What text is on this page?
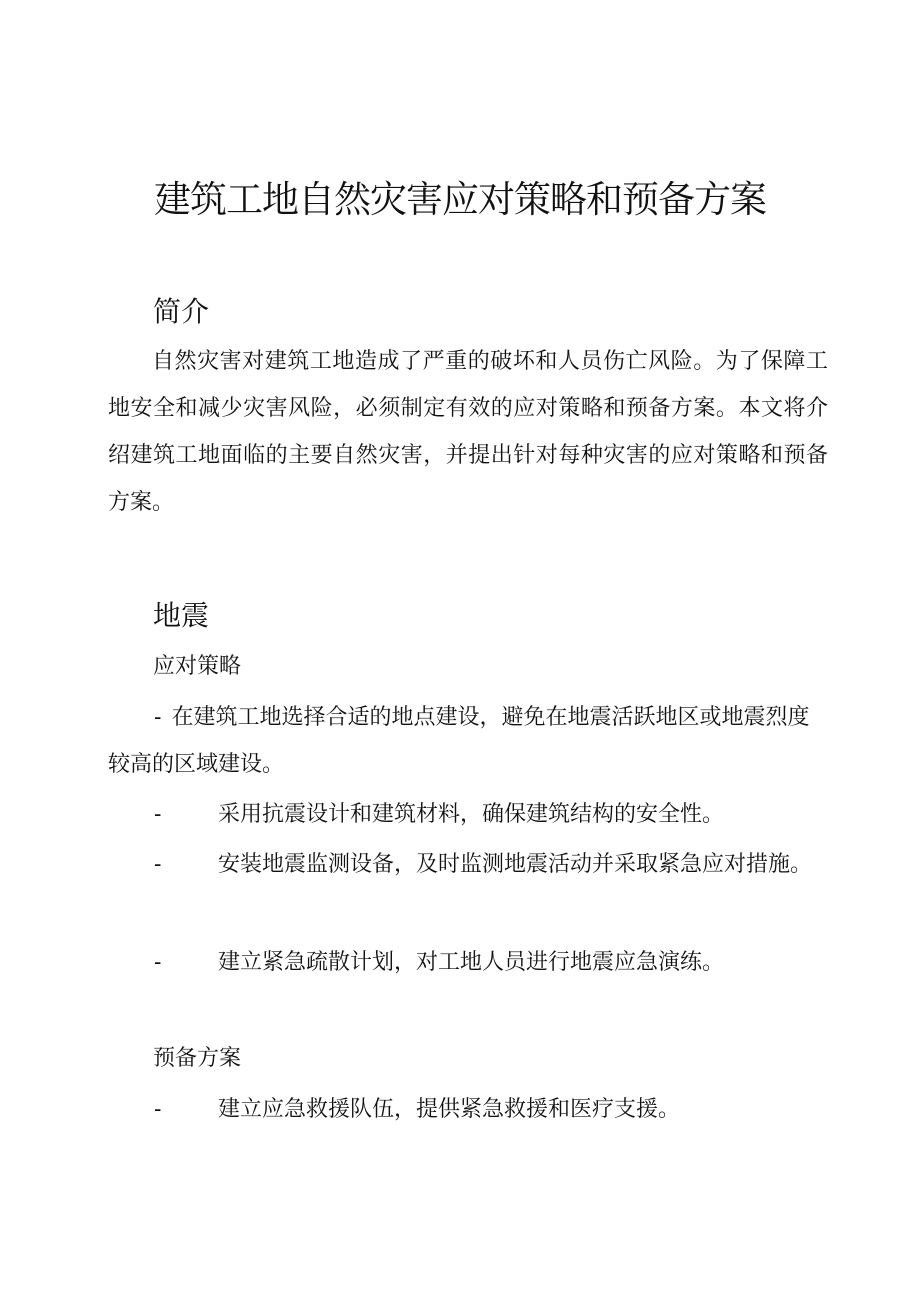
建筑工地自然灾害应对策略和预备方案
简介

自然灾害对建筑工地造成了严重的破坏和人员伤亡风险。为了保障工地安全和减少灾害风险，必须制定有效的应对策略和预备方案。本文将介绍建筑工地面临的主要自然灾害，并提出针对每种灾害的应对策略和预备方案。

地震
应对策略

- 在建筑工地选择合适的地点建设，避免在地震活跃地区或地震烈度较高的区域建设。

-	采用抗震设计和建筑材料，确保建筑结构的安全性。

-	安装地震监测设备，及时监测地震活动并采取紧急应对措施。

-	建立紧急疏散计划，对工地人员进行地震应急演练。

预备方案

-	建立应急救援队伍，提供紧急救援和医疗支援。
